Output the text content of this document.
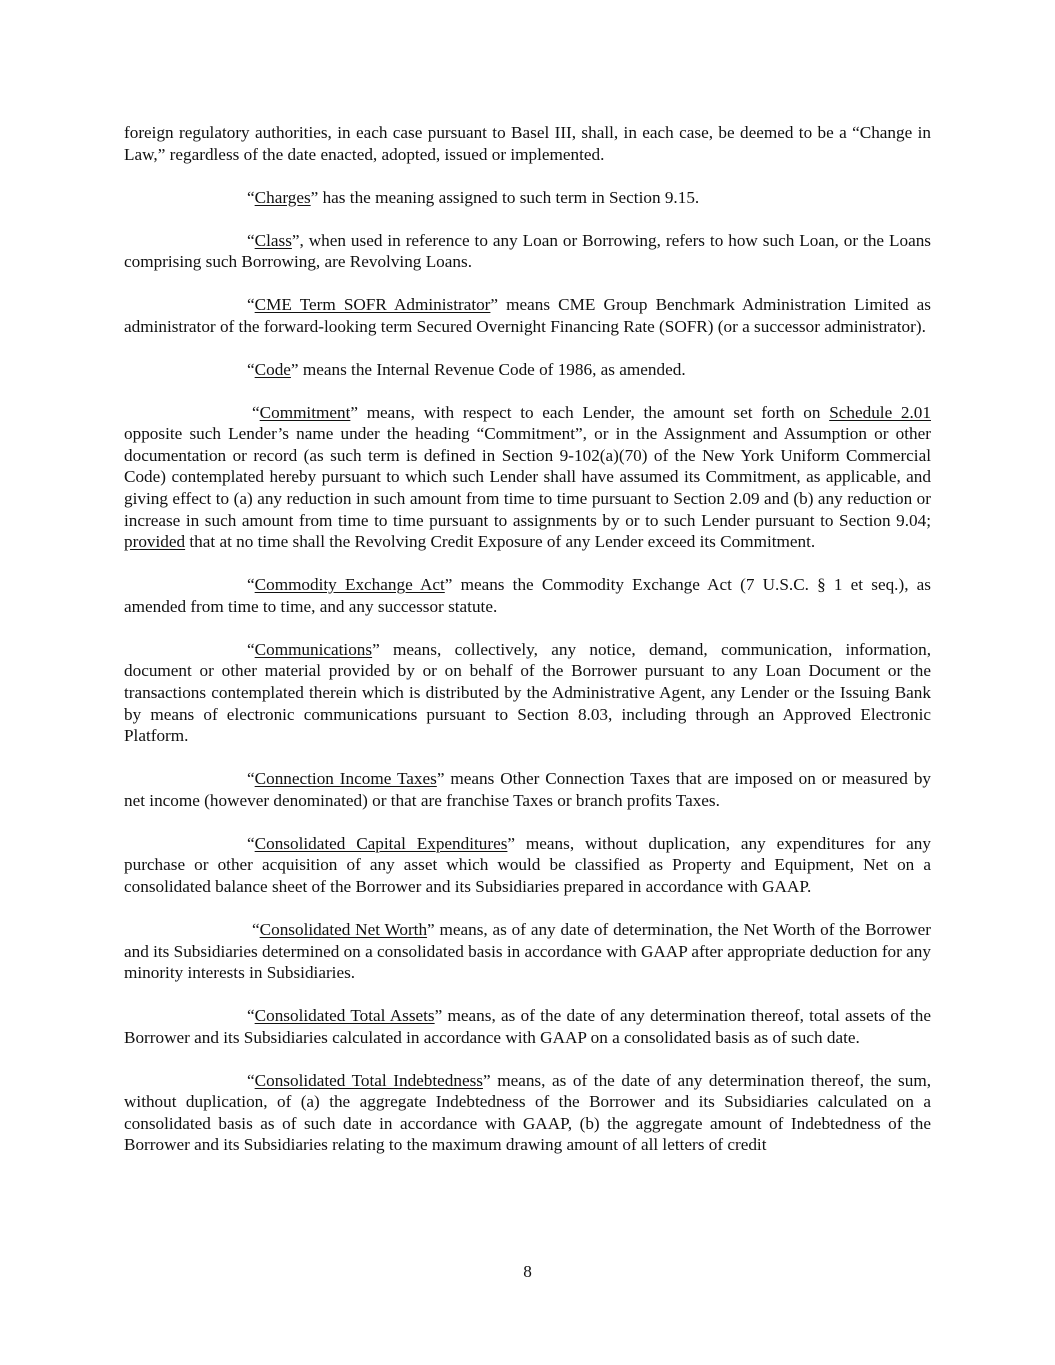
foreign regulatory authorities, in each case pursuant to Basel III, shall, in each case, be deemed to be a “Change in Law,” regardless of the date enacted, adopted, issued or implemented.

“Charges” has the meaning assigned to such term in Section 9.15.

“Class”, when used in reference to any Loan or Borrowing, refers to how such Loan, or the Loans comprising such Borrowing, are Revolving Loans.

“CME Term SOFR Administrator” means CME Group Benchmark Administration Limited as administrator of the forward-looking term Secured Overnight Financing Rate (SOFR) (or a successor administrator).

“Code” means the Internal Revenue Code of 1986, as amended.

“Commitment” means, with respect to each Lender, the amount set forth on Schedule 2.01 opposite such Lender’s name under the heading “Commitment”, or in the Assignment and Assumption or other documentation or record (as such term is defined in Section 9-102(a)(70) of the New York Uniform Commercial Code) contemplated hereby pursuant to which such Lender shall have assumed its Commitment, as applicable, and giving effect to (a) any reduction in such amount from time to time pursuant to Section 2.09 and (b) any reduction or increase in such amount from time to time pursuant to assignments by or to such Lender pursuant to Section 9.04; provided that at no time shall the Revolving Credit Exposure of any Lender exceed its Commitment.

“Commodity Exchange Act” means the Commodity Exchange Act (7 U.S.C. § 1 et seq.), as amended from time to time, and any successor statute.

“Communications” means, collectively, any notice, demand, communication, information, document or other material provided by or on behalf of the Borrower pursuant to any Loan Document or the transactions contemplated therein which is distributed by the Administrative Agent, any Lender or the Issuing Bank by means of electronic communications pursuant to Section 8.03, including through an Approved Electronic Platform.

“Connection Income Taxes” means Other Connection Taxes that are imposed on or measured by net income (however denominated) or that are franchise Taxes or branch profits Taxes.

“Consolidated Capital Expenditures” means, without duplication, any expenditures for any purchase or other acquisition of any asset which would be classified as Property and Equipment, Net on a consolidated balance sheet of the Borrower and its Subsidiaries prepared in accordance with GAAP.

“Consolidated Net Worth” means, as of any date of determination, the Net Worth of the Borrower and its Subsidiaries determined on a consolidated basis in accordance with GAAP after appropriate deduction for any minority interests in Subsidiaries.

“Consolidated Total Assets” means, as of the date of any determination thereof, total assets of the Borrower and its Subsidiaries calculated in accordance with GAAP on a consolidated basis as of such date.

“Consolidated Total Indebtedness” means, as of the date of any determination thereof, the sum, without duplication, of (a) the aggregate Indebtedness of the Borrower and its Subsidiaries calculated on a consolidated basis as of such date in accordance with GAAP, (b) the aggregate amount of Indebtedness of the Borrower and its Subsidiaries relating to the maximum drawing amount of all letters of credit

8
